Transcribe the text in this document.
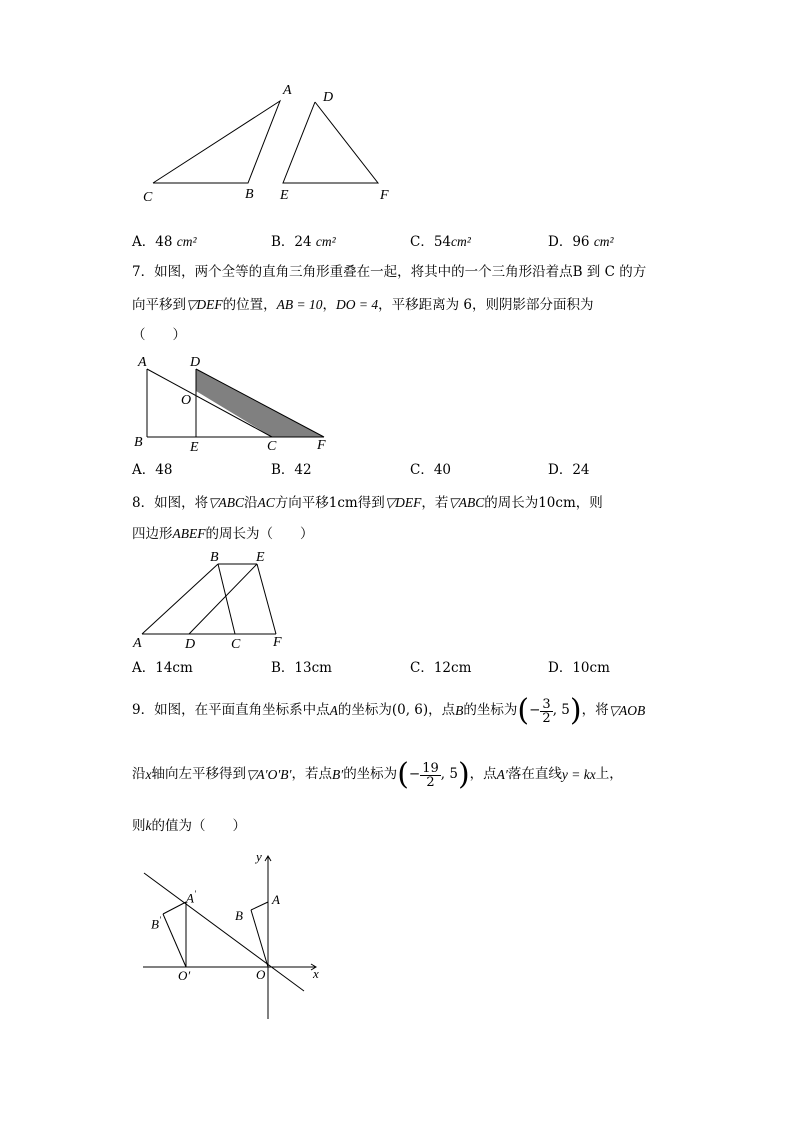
A D
C	B E	F
A．48 cm²	B．24 cm²	C．54cm²	D．96 cm²
7．如图，两个全等的直角三角形重叠在一起，将其中的一个三角形沿着点B 到 C 的方
向平移到▽DEF的位置，AB = 10，DO = 4，平移距离为 6，则阴影部分面积为
（　　）
A	D
O
B	E	C	F
A．48	B．42	C．40	D．24
8．如图，将▽ABC沿AC方向平移1cm得到▽DEF，若▽ABC的周长为10cm，则
四边形ABEF的周长为（　　）
B	E
A	D	C F
A．14cm	B．13cm	C．12cm	D．10cm
9．如图，在平面直角坐标系中点 A 的坐标为 (0, 6) ，点 B 的坐标为 ( − $\frac{3}{2}$ , 5 ) ，将 ▽AOB
沿 x 轴向左平移得到 ▽A′O′B′ ，若点 B′ 的坐标为 ( − $\frac{19}{2}$ , 5 ) ，点 A′ 落在直线 y = kx 上，
则k的值为（　　）
y
x
A
B
A'
B'
O
O′
